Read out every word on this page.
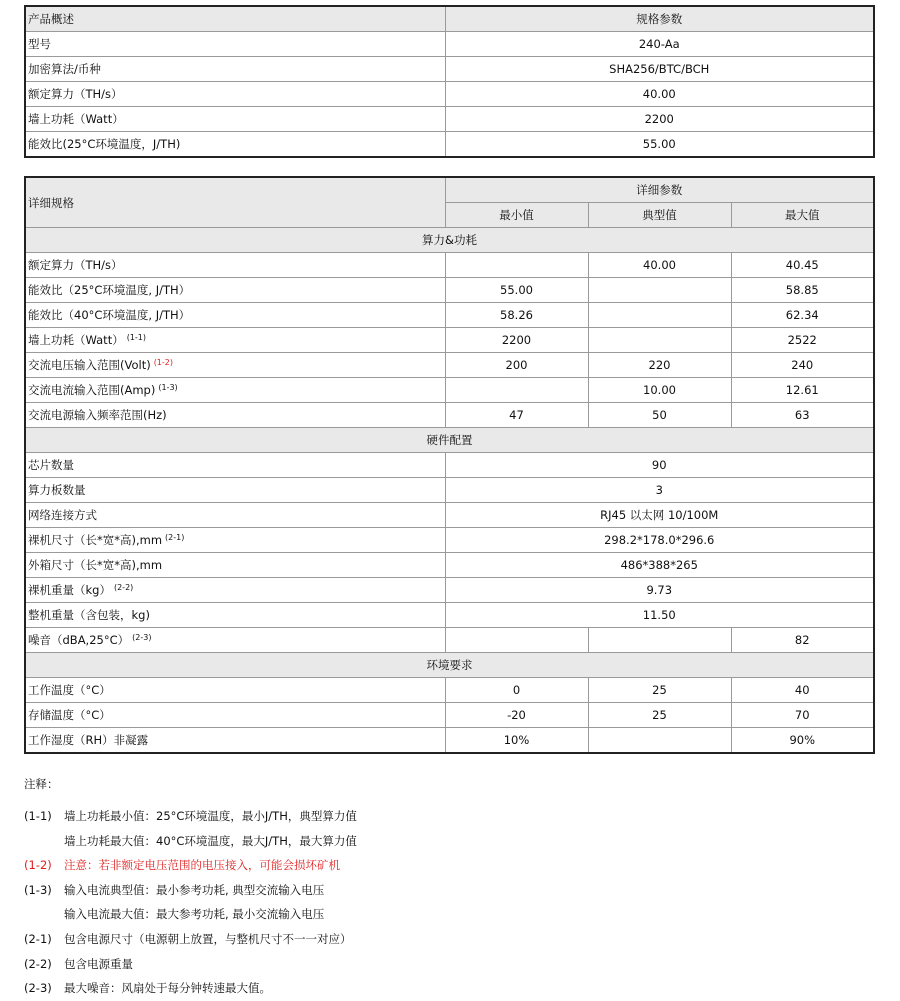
产品概述	规格参数
型号	240-Aa
加密算法/币种	SHA256/BTC/BCH
额定算力（TH/s）	40.00
墙上功耗（Watt）	2200
能效比(25°C环境温度，J/TH)	55.00
详细规格	详细参数		
	最小值	典型值	最大值
算力&功耗			
额定算力（TH/s）		40.00	40.45
能效比（25°C环境温度, J/TH）	55.00		58.85
能效比（40°C环境温度, J/TH）	58.26		62.34
墙上功耗（Watt） $^{(1-1)}$	2200		2522
交流电压输入范围(Volt) $^{(1-2)}$	200	220	240
交流电流输入范围(Amp) $^{(1-3)}$		10.00	12.61
交流电源输入频率范围(Hz)	47	50	63
硬件配置			
芯片数量	90		
算力板数量	3		
网络连接方式	RJ45 以太网 10/100M		
裸机尺寸（长*宽*高),mm $^{(2-1)}$	298.2*178.0*296.6		
外箱尺寸（长*宽*高),mm	486*388*265		
裸机重量（kg） $^{(2-2)}$	9.73		
整机重量（含包装，kg)	11.50		
噪音（dBA,25°C） $^{(2-3)}$			82
环境要求			
工作温度（°C）	0	25	40
存储温度（°C）	-20	25	70
工作湿度（RH）非凝露	10%		90%
注释：
(1-1) 墙上功耗最小值：25°C环境温度，最小J/TH，典型算力值
墙上功耗最大值：40°C环境温度，最大J/TH，最大算力值
(1-2) 注意：若非额定电压范围的电压接入，可能会损坏矿机
(1-3) 输入电流典型值：最小参考功耗, 典型交流输入电压
输入电流最大值：最大参考功耗, 最小交流输入电压
(2-1) 包含电源尺寸（电源朝上放置，与整机尺寸不一一对应）
(2-2) 包含电源重量
(2-3) 最大噪音：风扇处于每分钟转速最大值。
